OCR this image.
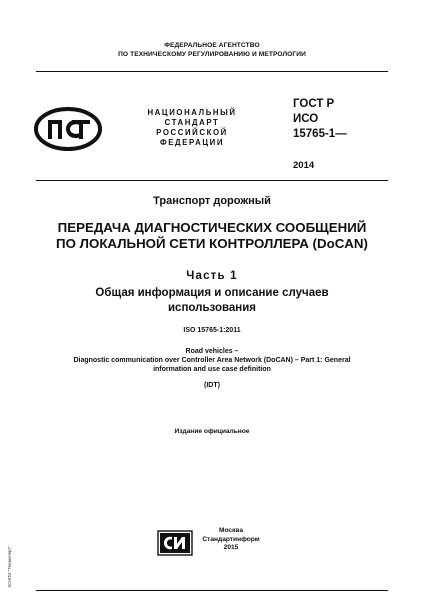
ФЕДЕРАЛЬНОЕ АГЕНТСТВО
ПО ТЕХНИЧЕСКОМУ РЕГУЛИРОВАНИЮ И МЕТРОЛОГИИ
НАЦИОНАЛЬНЫЙ
СТАНДАРТ
РОССИЙСКОЙ
ФЕДЕРАЦИИ
ГОСТ Р
ИСО
15765-1—
2014
Транспорт дорожный
ПЕРЕДАЧА ДИАГНОСТИЧЕСКИХ СООБЩЕНИЙ
ПО ЛОКАЛЬНОЙ СЕТИ КОНТРОЛЛЕРА (DoCAN)
Часть 1
Общая информация и описание случаев
использования
ISO 15765-1:2011
Road vehicles –
Diagnostic communication over Controller Area Network (DoCAN) – Part 1: General
information and use case definition
(IDT)
Издание официальное
ЭСНПИ "Техэксперт"
Москва
Стандартинформ
2015
